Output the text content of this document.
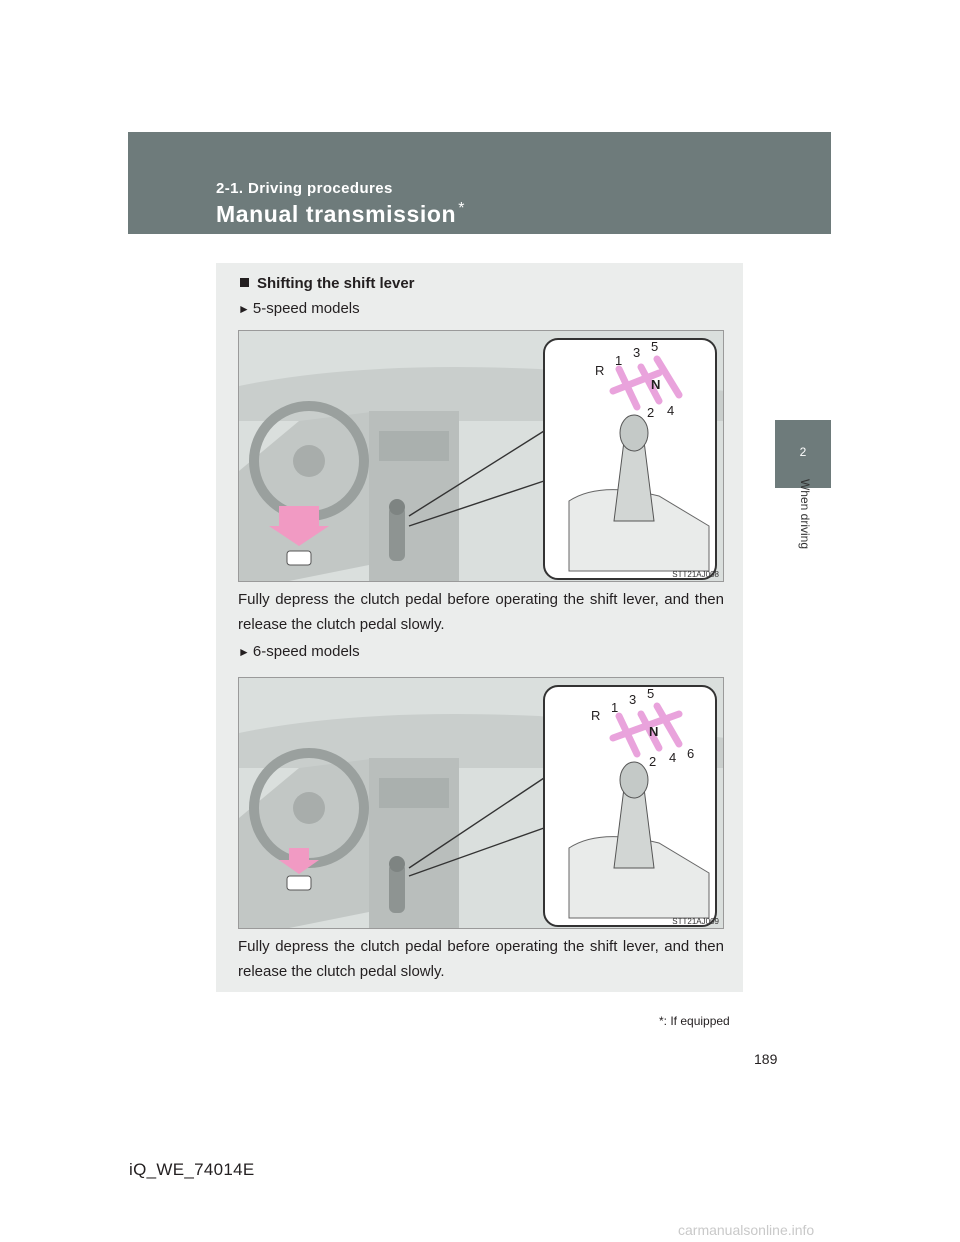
2-1. Driving procedures
Manual transmission *
2
When driving
Shifting the shift lever
► 5-speed models
R
1
3 5
N
2 4
STT21AJ008
Fully depress the clutch pedal before operating the shift lever, and then release the clutch pedal slowly.
► 6-speed models
R
1
3 5
N
2 4 6
STT21AJ009
Fully depress the clutch pedal before operating the shift lever, and then release the clutch pedal slowly.
*: If equipped
189
iQ_WE_74014E
carmanualsonline.info
